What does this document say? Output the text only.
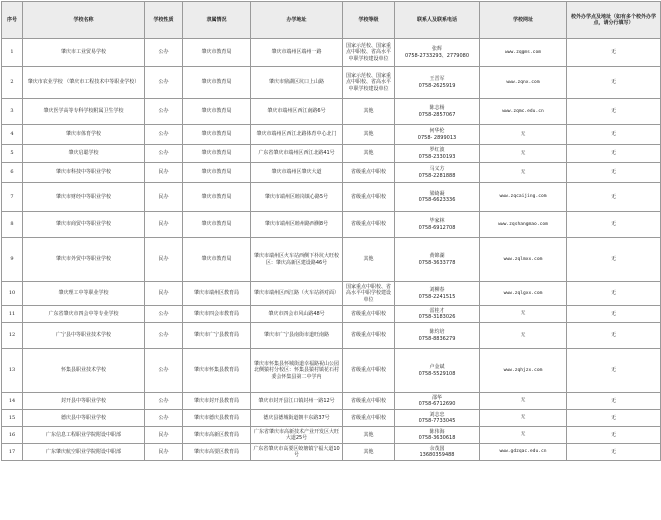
序号	学校名称	学校性质	隶属情况	办学地址	学校等级	联系人及联系电话	学校网址	校外办学点及地址（如有多个校外办学点，请分行填写）
1	肇庆市工业贸易学校	公办	肇庆市教育局	肇庆市端州区端州一路	国家示范校、国家重点中职校、省高水平中职学校建设单位	张辉
0758-2733293、2779080	www.zqgms.com	无
2	肇庆市农业学校 （肇庆市工程技术中等职业学校）	公办	肇庆市教育局	肇庆市鼎湖区坑口上山路	国家示范校、国家重点中职校、省高水平中职学校建设单位	王晋军
0758-2625919	www.zqnx.com	无
3	肇庆医学高等专科学校附属卫生学校	公办	肇庆市教育局	肇庆市端州区西江南路6号	其他	陈志杨
0758-2857067	www.zqmc.edu.cn	无
4	肇庆市体育学校	公办	肇庆市教育局	肇庆市端州区西江北路体育中心北门	其他	何华伦
0758- 2899013	无	无
5	肇庆启聪学校	公办	肇庆市教育局	广东省肇庆市端州区西江北路41号	其他	罗红波
0758-2330193	无	无
6	肇庆市科技中等职业学校	民办	肇庆市教育局	肇庆市端州区肇庆大道	省级重点中职校	马义方
0758-2281888	无	无
7	肇庆市财经中等职业学校	民办	肇庆市教育局	肇庆市端州区睦岗镇心路5号	省级重点中职校	梁绮凝
0758-6623336	www.zqcaijing.com	无
8	肇庆市商贸中等职业学校	民办	肇庆市教育局	肇庆市端州区睦州路西侧8号	省级重点中职校	毕家林
0758-6912708	www.zqshangmao.com	无
9	肇庆市外贸中等职业学校	民办	肇庆市教育局	肇庆市端州区火车站西侧下朴坑大旺校区：肇庆高新区建设路46号	其他	黄锦湖
0758-3633778	www.zqlmxx.com	无
10	肇庆理工中等职业学校	民办	肇庆市端州区教育局	肇庆市端州区西江路（火车站斜对面）	国家重点中职校、省高水平中职学校建设单位	刘柳春
0758-2241515	www.zqlgxx.com	无
11	广东省肇庆市四会中等专业学校	公办	肇庆市四会市教育局	肇庆市四会市风山路48号	省级重点中职校	雷桂才
0758-3183026	无	无
12	广宁县中等职业技术学校	公办	肇庆市广宁县教育局	肇庆市广宁县南街市道旺南路	省级重点中职校	陈灼培
0758-8836279	无	无
13	怀集县职业技术学校	公办	肇庆市怀集县教育局	肇庆市怀集县怀城街道幸福路祝山公园北侧猿村分校区：怀集县猿村镇花石村委会怀集县第二中学内	省级重点中职校	卢金斌
0758-5529108	www.zqhjzx.com	无
14	封开县中等职业学校	公办	肇庆市封开县教育局	肇庆市封开县江口镇封州一路12号	省级重点中职校	邵华
0758-6712690	无	无
15	德庆县中等职业学校	公办	肇庆市德庆县教育局	德庆县德城街道朝丰东路37号	省级重点中职校	刘志忠
0758-7733045	无	无
16	广东信息工程职业学院附设中职部	民办	肇庆市高新区教育局	广东省肇庆市高新技术产业开发区大旺大道25号	其他	陈伟海
0758-3630618	无	无
17	广东肇庆航空职业学院附设中职部	民办	肇庆市高要区教育局	广东省肇庆市高要区蛟塘镇宁福大道10号	其他	余茂国
13680359488	www.gdzqac.edu.cn	无
